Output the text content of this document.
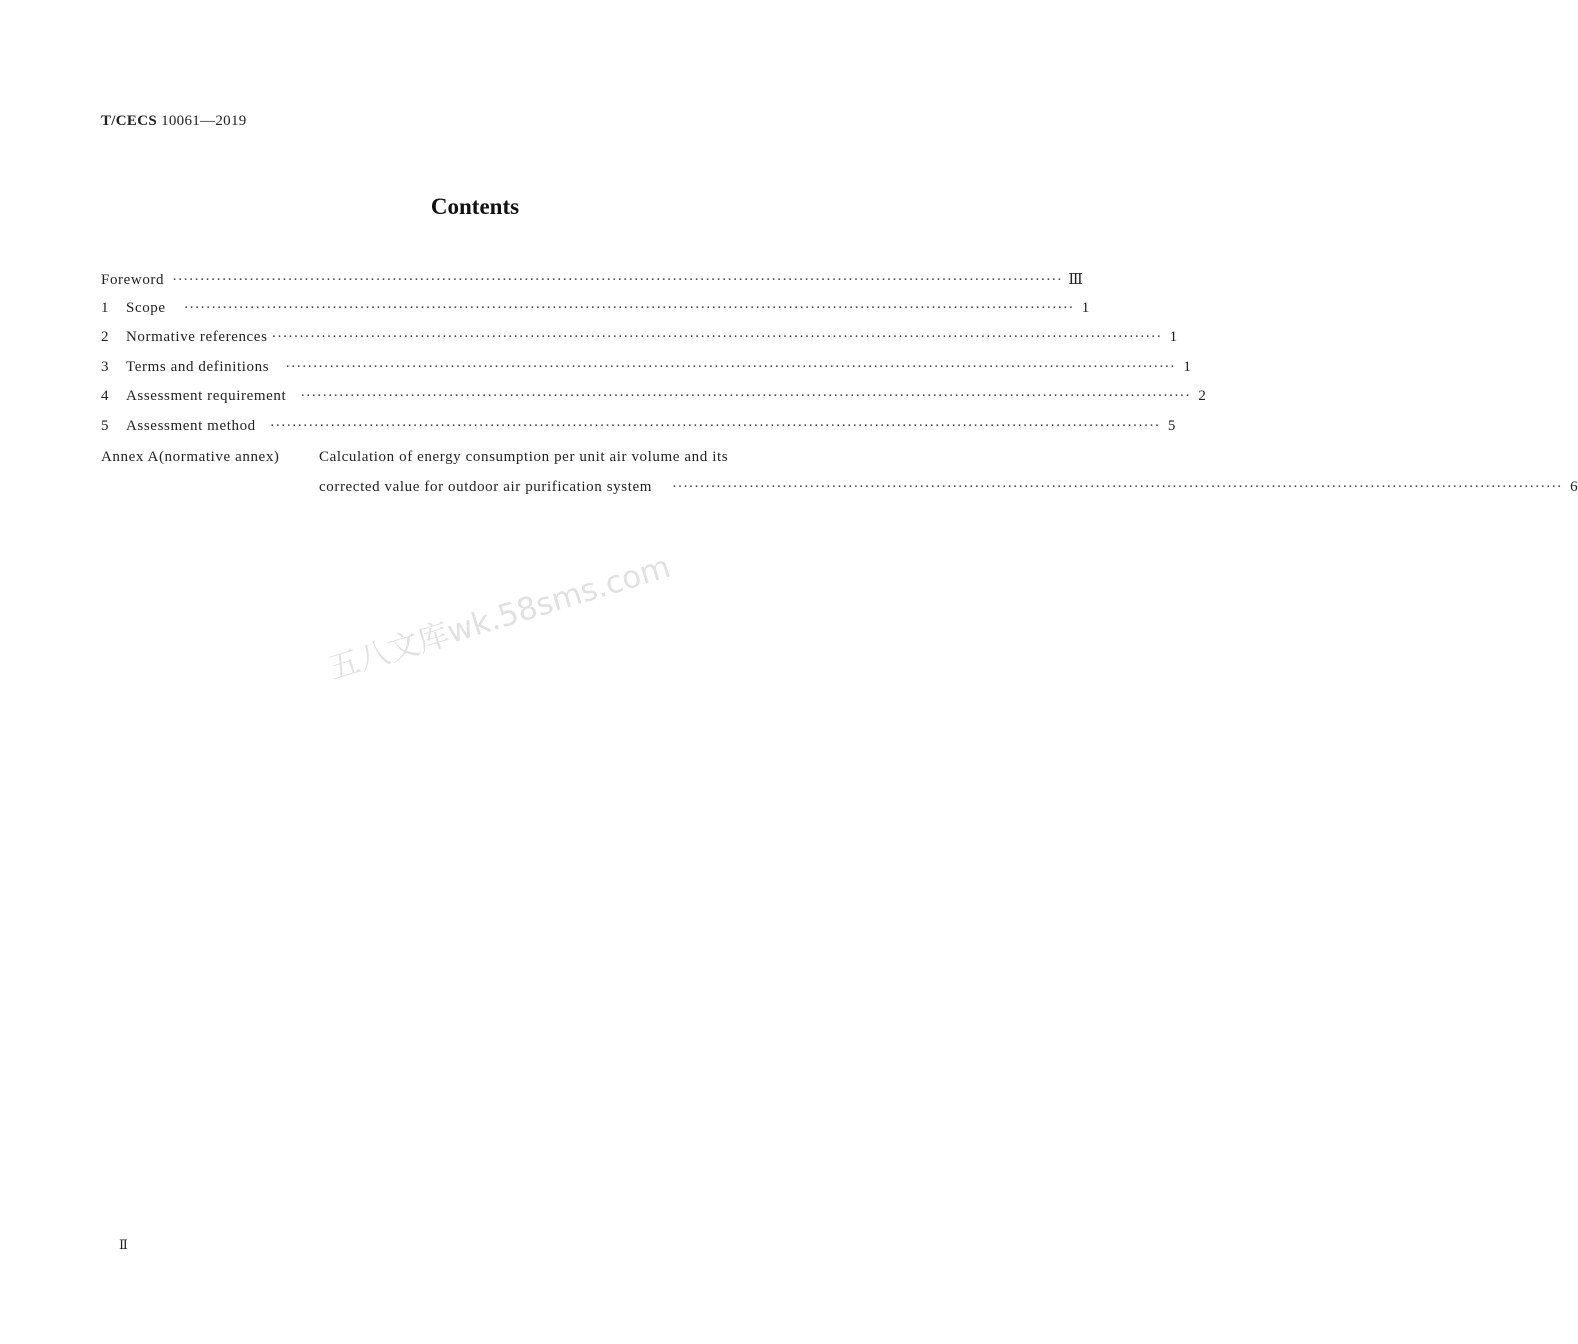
T/CECS 10061—2019
Contents
Foreword ·····	Ⅲ
1	Scope ·····	1
2	Normative references ·····	1
3	Terms and definitions ·····	1
4	Assessment requirement ·····	2
5	Assessment method ·····	5
Annex A(normative annex)	Calculation of energy consumption per unit air volume and its
corrected value for outdoor air purification system ·····	6
五八文库wk.58sms.com
Ⅱ
